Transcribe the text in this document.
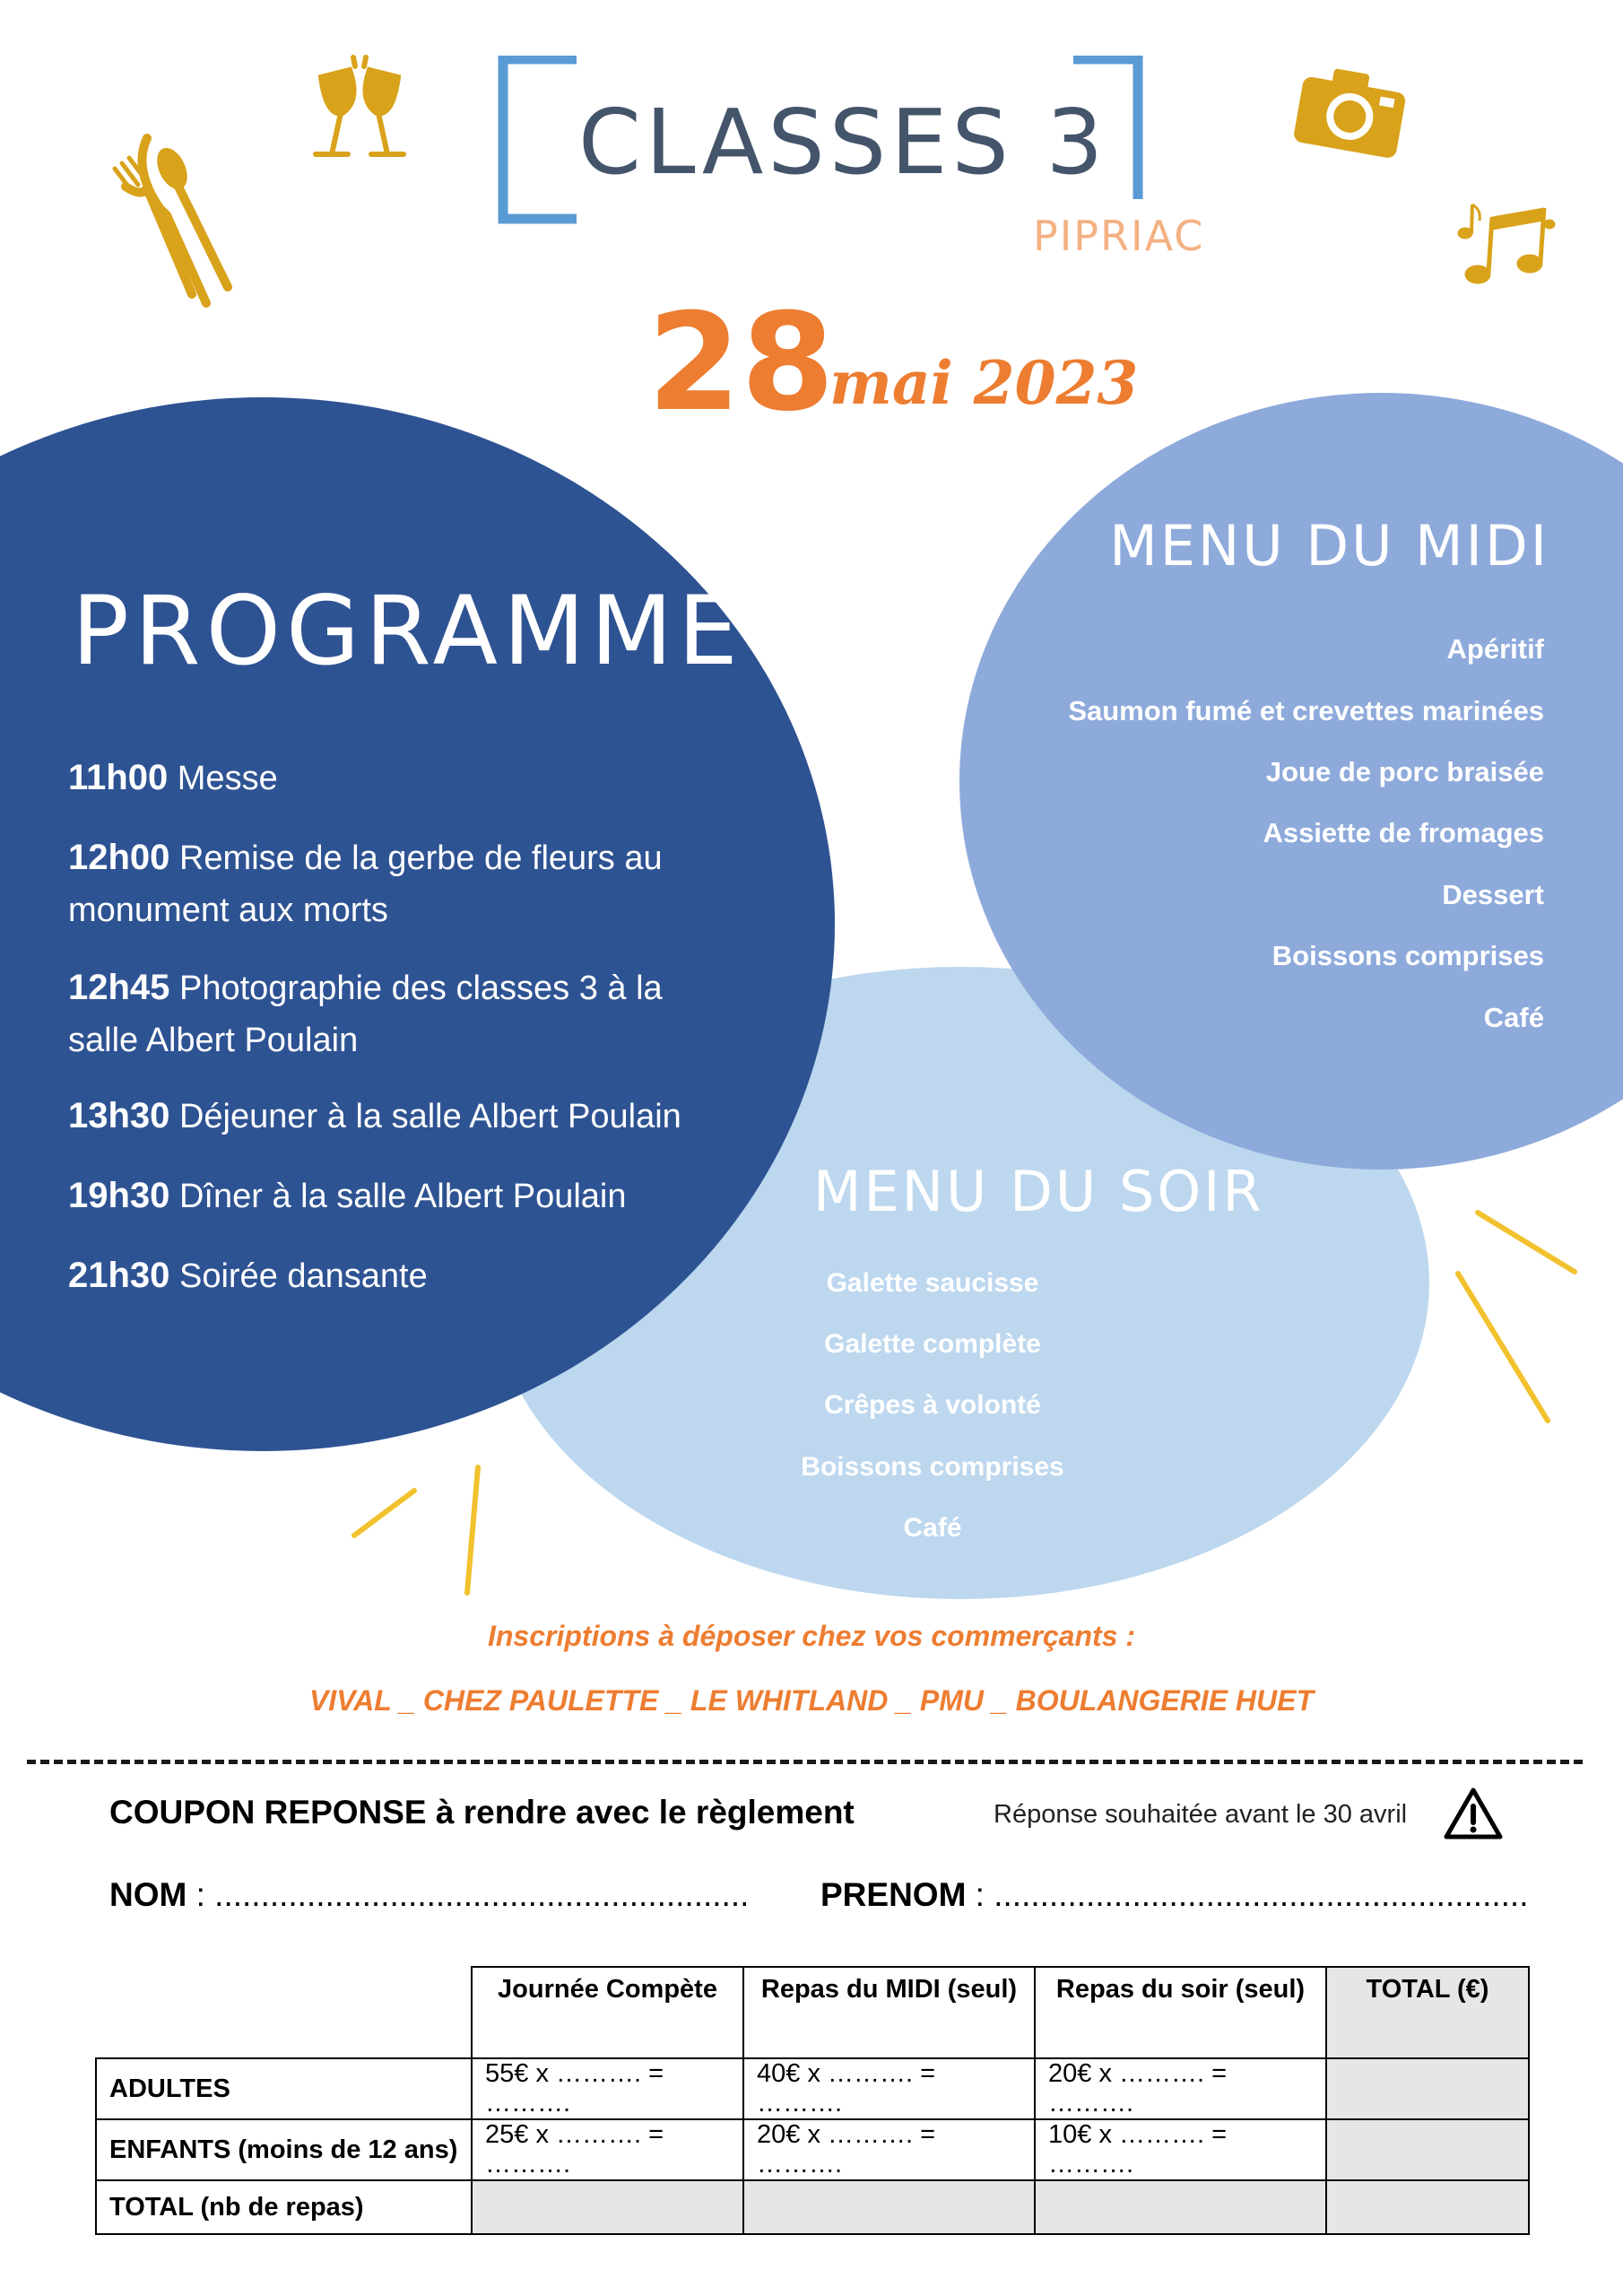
CLASSES 3
PIPRIAC
28
mai 2023
PROGRAMME
11h00 Messe
12h00 Remise de la gerbe de fleurs au monument aux morts
12h45 Photographie des classes 3 à la salle Albert Poulain
13h30 Déjeuner à la salle Albert Poulain
19h30 Dîner à la salle Albert Poulain
21h30 Soirée dansante
MENU DU MIDI
Apéritif
Saumon fumé et crevettes marinées
Joue de porc braisée
Assiette de fromages
Dessert
Boissons comprises
Café
MENU DU SOIR
Galette saucisse
Galette complète
Crêpes à volonté
Boissons comprises
Café
Inscriptions à déposer chez vos commerçants :
VIVAL _ CHEZ PAULETTE _ LE WHITLAND _ PMU _ BOULANGERIE HUET
COUPON REPONSE à rendre avec le règlement	Réponse souhaitée avant le 30 avril
NOM : .......................................................... PRENOM : ..........................................................
	Journée Compète	Repas du MIDI (seul)	Repas du soir (seul)	TOTAL (€)
ADULTES	55€ x ………. = ……….	40€ x ………. = ……….	20€ x ………. = ……….	
ENFANTS (moins de 12 ans)	25€ x ………. = ……….	20€ x ………. = ……….	10€ x ………. = ……….	
TOTAL (nb de repas)				
